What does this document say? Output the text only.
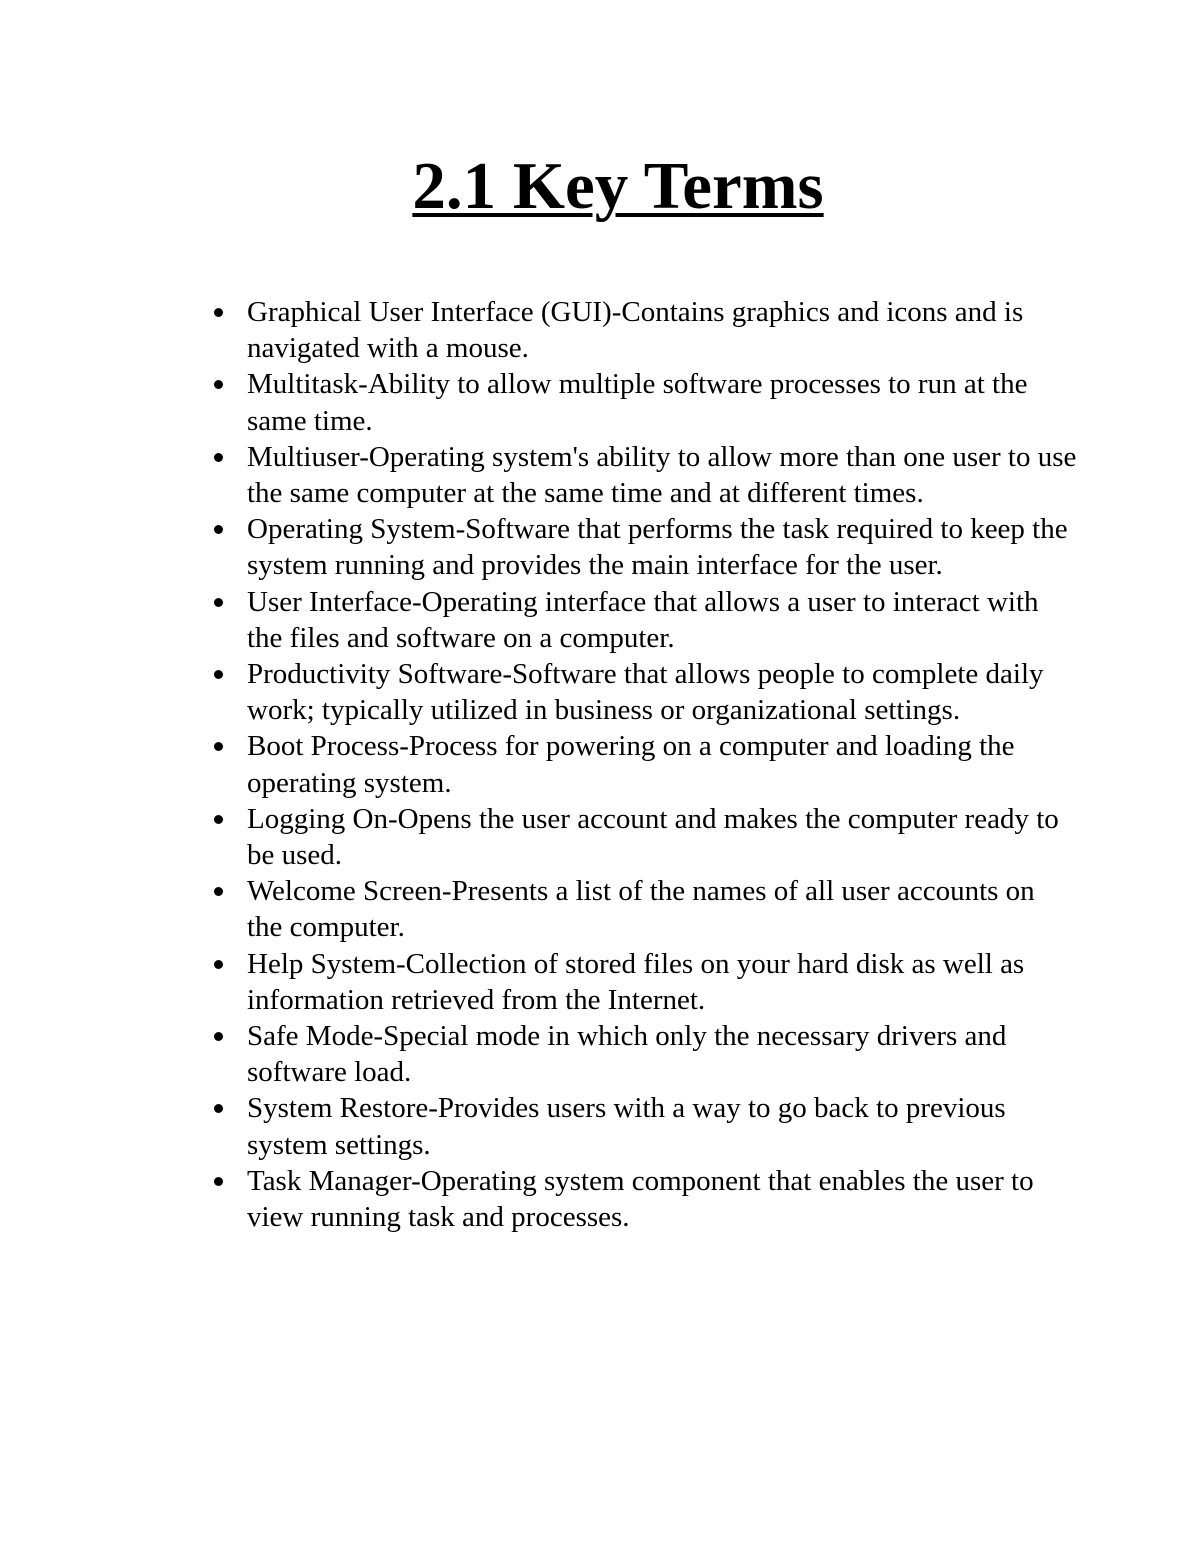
2.1 Key Terms
Graphical User Interface (GUI)-Contains graphics and icons and is navigated with a mouse.
Multitask-Ability to allow multiple software processes to run at the same time.
Multiuser-Operating system's ability to allow more than one user to use the same computer at the same time and at different times.
Operating System-Software that performs the task required to keep the system running and provides the main interface for the user.
User Interface-Operating interface that allows a user to interact with the files and software on a computer.
Productivity Software-Software that allows people to complete daily work; typically utilized in business or organizational settings.
Boot Process-Process for powering on a computer and loading the operating system.
Logging On-Opens the user account and makes the computer ready to be used.
Welcome Screen-Presents a list of the names of all user accounts on the computer.
Help System-Collection of stored files on your hard disk as well as information retrieved from the Internet.
Safe Mode-Special mode in which only the necessary drivers and software load.
System Restore-Provides users with a way to go back to previous system settings.
Task Manager-Operating system component that enables the user to view running task and processes.
